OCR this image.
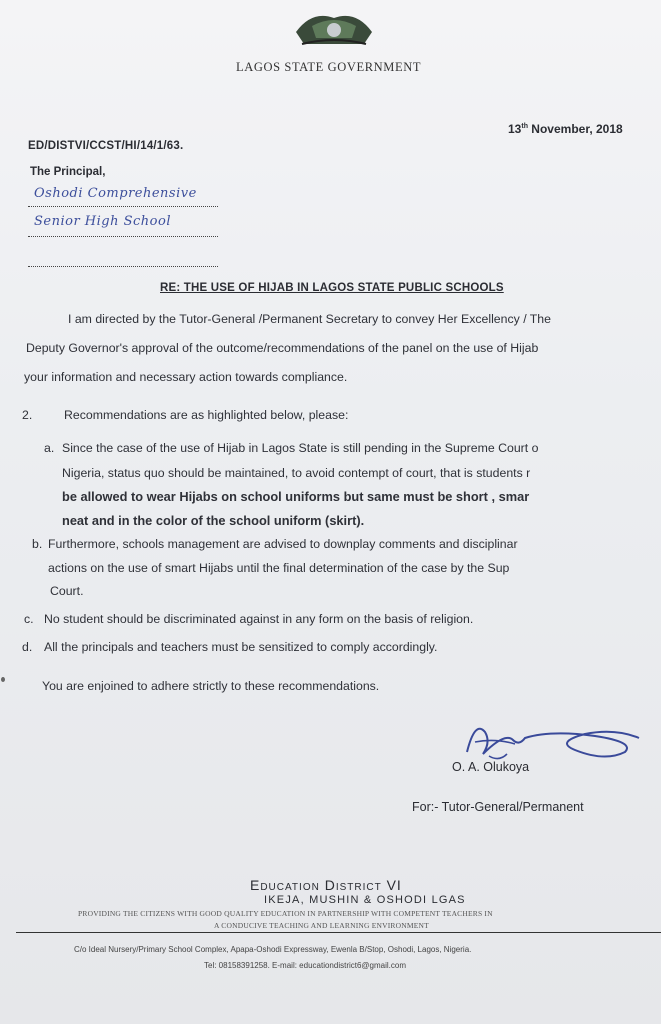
LAGOS STATE GOVERNMENT
13th November, 2018
ED/DISTVI/CCST/HI/14/1/63.
The Principal,
Oshodi Comprehensive
Senior High School
RE: THE USE OF HIJAB IN LAGOS STATE PUBLIC SCHOOLS
I am directed by the Tutor-General /Permanent Secretary to convey Her Excellency / The
Deputy Governor's approval of the outcome/recommendations of the panel on the use of Hijab
your information and necessary action towards compliance.
2.	Recommendations are as highlighted below, please:
a. Since the case of the use of Hijab in Lagos State is still pending in the Supreme Court o
Nigeria, status quo should be maintained, to avoid contempt of court, that is students r
be allowed to wear Hijabs on school uniforms but same must be short , smar
neat and in the color of the school uniform (skirt).
b. Furthermore, schools management are advised to downplay comments and disciplinar
actions on the use of smart Hijabs until the final determination of the case by the Sup
Court.
c. No student should be discriminated against in any form on the basis of religion.
d. All the principals and teachers must be sensitized to comply accordingly.
You are enjoined to adhere strictly to these recommendations.
O. A. Olukoya
For:- Tutor-General/Permanent
Education District VI
IKEJA, MUSHIN & OSHODI LGAS
PROVIDING THE CITIZENS WITH GOOD QUALITY EDUCATION IN PARTNERSHIP WITH COMPETENT TEACHERS IN
A CONDUCIVE TEACHING AND LEARNING ENVIRONMENT
C/o Ideal Nursery/Primary School Complex, Apapa-Oshodi Expressway, Ewenla B/Stop, Oshodi, Lagos, Nigeria.
Tel: 08158391258. E-mail: educationdistrict6@gmail.com
